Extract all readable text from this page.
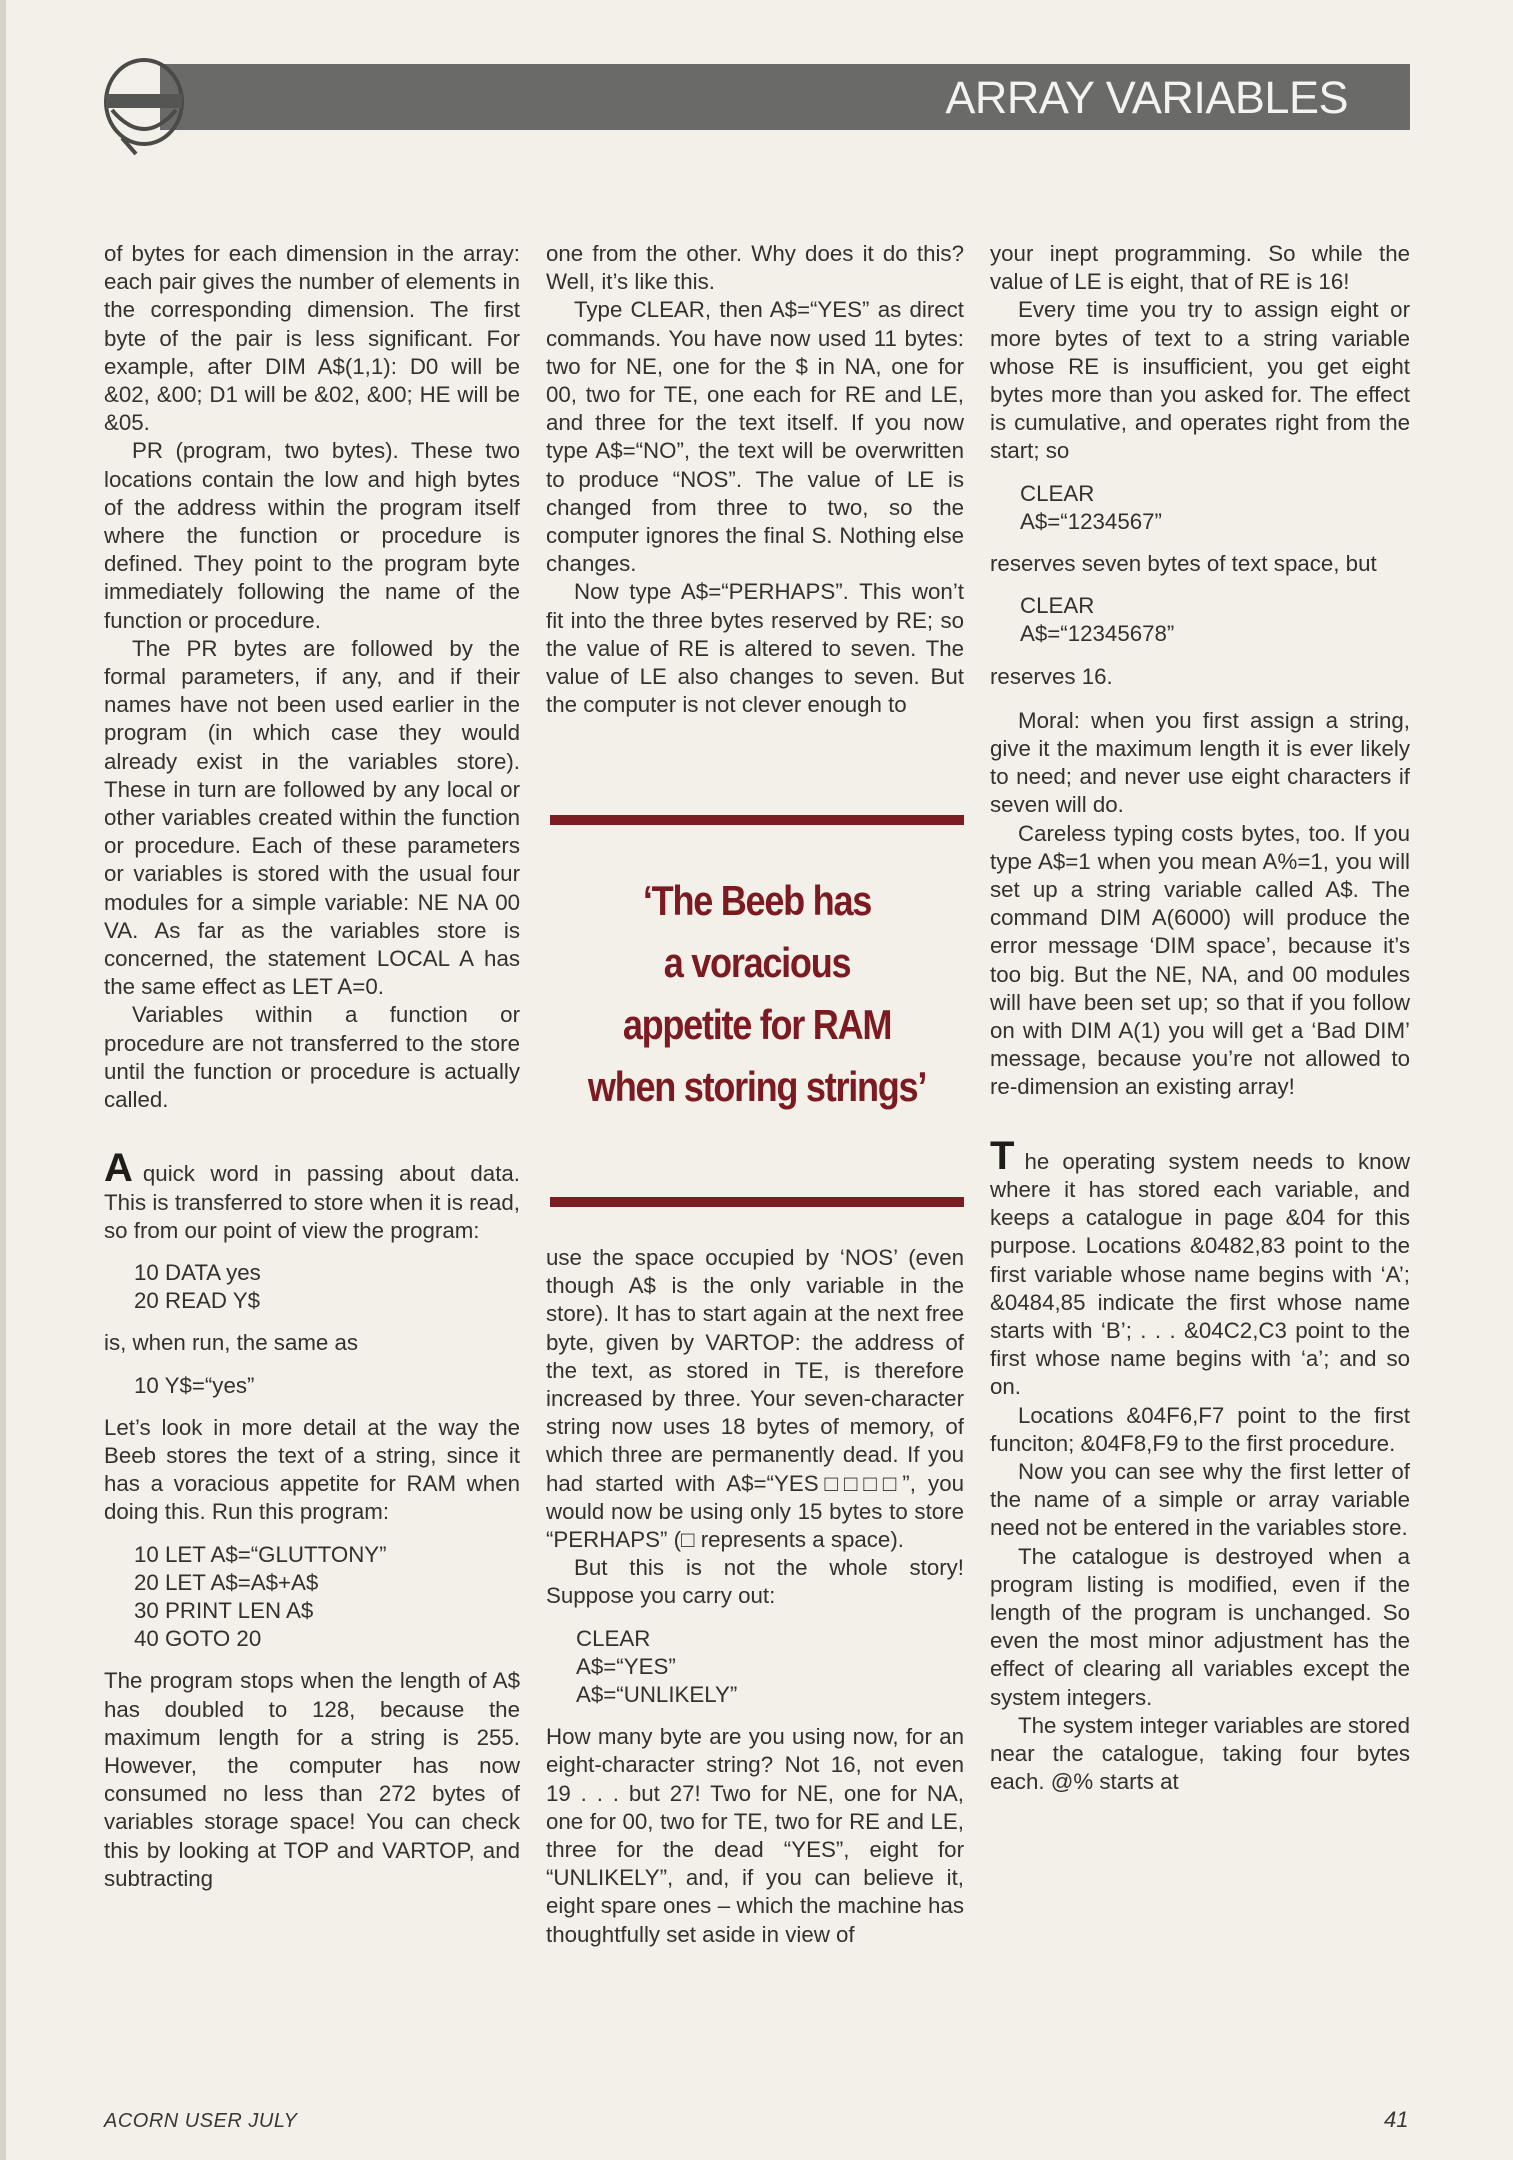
ARRAY VARIABLES

of bytes for each dimension in the array: each pair gives the number of elements in the corresponding dimension. The first byte of the pair is less significant. For example, after DIM A$(1,1): D0 will be &02, &00; D1 will be &02, &00; HE will be &05.

PR (program, two bytes). These two locations contain the low and high bytes of the address within the program itself where the function or procedure is defined. They point to the program byte immediately following the name of the function or procedure.

The PR bytes are followed by the formal parameters, if any, and if their names have not been used earlier in the program (in which case they would already exist in the variables store). These in turn are followed by any local or other variables created within the function or procedure. Each of these parameters or variables is stored with the usual four modules for a simple variable: NE NA 00 VA. As far as the variables store is concerned, the statement LOCAL A has the same effect as LET A=0.

Variables within a function or procedure are not transferred to the store until the function or procedure is actually called.

Aquick word in passing about data. This is transferred to store when it is read, so from our point of view the program:

10 DATA yes
20 READ Y$

is, when run, the same as

10 Y$=“yes”

Let’s look in more detail at the way the Beeb stores the text of a string, since it has a voracious appetite for RAM when doing this. Run this program:

10 LET A$=“GLUTTONY”
20 LET A$=A$+A$
30 PRINT LEN A$
40 GOTO 20

The program stops when the length of A$ has doubled to 128, because the maximum length for a string is 255. However, the computer has now consumed no less than 272 bytes of variables storage space! You can check this by looking at TOP and VARTOP, and subtracting

one from the other. Why does it do this? Well, it’s like this.

Type CLEAR, then A$=“YES” as direct commands. You have now used 11 bytes: two for NE, one for the $ in NA, one for 00, two for TE, one each for RE and LE, and three for the text itself. If you now type A$=“NO”, the text will be overwritten to produce “NOS”. The value of LE is changed from three to two, so the computer ignores the final S. Nothing else changes.

Now type A$=“PERHAPS”. This won’t fit into the three bytes reserved by RE; so the value of RE is altered to seven. The value of LE also changes to seven. But the computer is not clever enough to

‘The Beeb has
a voracious
appetite for RAM
when storing strings’

use the space occupied by ‘NOS’ (even though A$ is the only variable in the store). It has to start again at the next free byte, given by VARTOP: the address of the text, as stored in TE, is therefore increased by three. Your seven-character string now uses 18 bytes of memory, of which three are permanently dead. If you had started with A$=“YES□□□□”, you would now be using only 15 bytes to store “PERHAPS” (□ represents a space).

But this is not the whole story! Suppose you carry out:

CLEAR
A$=“YES”
A$=“UNLIKELY”

How many byte are you using now, for an eight-character string? Not 16, not even 19 . . . but 27! Two for NE, one for NA, one for 00, two for TE, two for RE and LE, three for the dead “YES”, eight for “UNLIKELY”, and, if you can believe it, eight spare ones – which the machine has thoughtfully set aside in view of

your inept programming. So while the value of LE is eight, that of RE is 16!

Every time you try to assign eight or more bytes of text to a string variable whose RE is insufficient, you get eight bytes more than you asked for. The effect is cumulative, and operates right from the start; so

CLEAR
A$=“1234567”

reserves seven bytes of text space, but

CLEAR
A$=“12345678”

reserves 16.

Moral: when you first assign a string, give it the maximum length it is ever likely to need; and never use eight characters if seven will do.

Careless typing costs bytes, too. If you type A$=1 when you mean A%=1, you will set up a string variable called A$. The command DIM A(6000) will produce the error message ‘DIM space’, because it’s too big. But the NE, NA, and 00 modules will have been set up; so that if you follow on with DIM A(1) you will get a ‘Bad DIM’ message, because you’re not allowed to re-dimension an existing array!

The operating system needs to know where it has stored each variable, and keeps a catalogue in page &04 for this purpose. Locations &0482,83 point to the first variable whose name begins with ‘A’; &0484,85 indicate the first whose name starts with ‘B’; . . . &04C2,C3 point to the first whose name begins with ‘a’; and so on.

Locations &04F6,F7 point to the first funciton; &04F8,F9 to the first procedure.

Now you can see why the first letter of the name of a simple or array variable need not be entered in the variables store.

The catalogue is destroyed when a program listing is modified, even if the length of the program is unchanged. So even the most minor adjustment has the effect of clearing all variables except the system integers.

The system integer variables are stored near the catalogue, taking four bytes each. @% starts at

ACORN USER JULY	41
